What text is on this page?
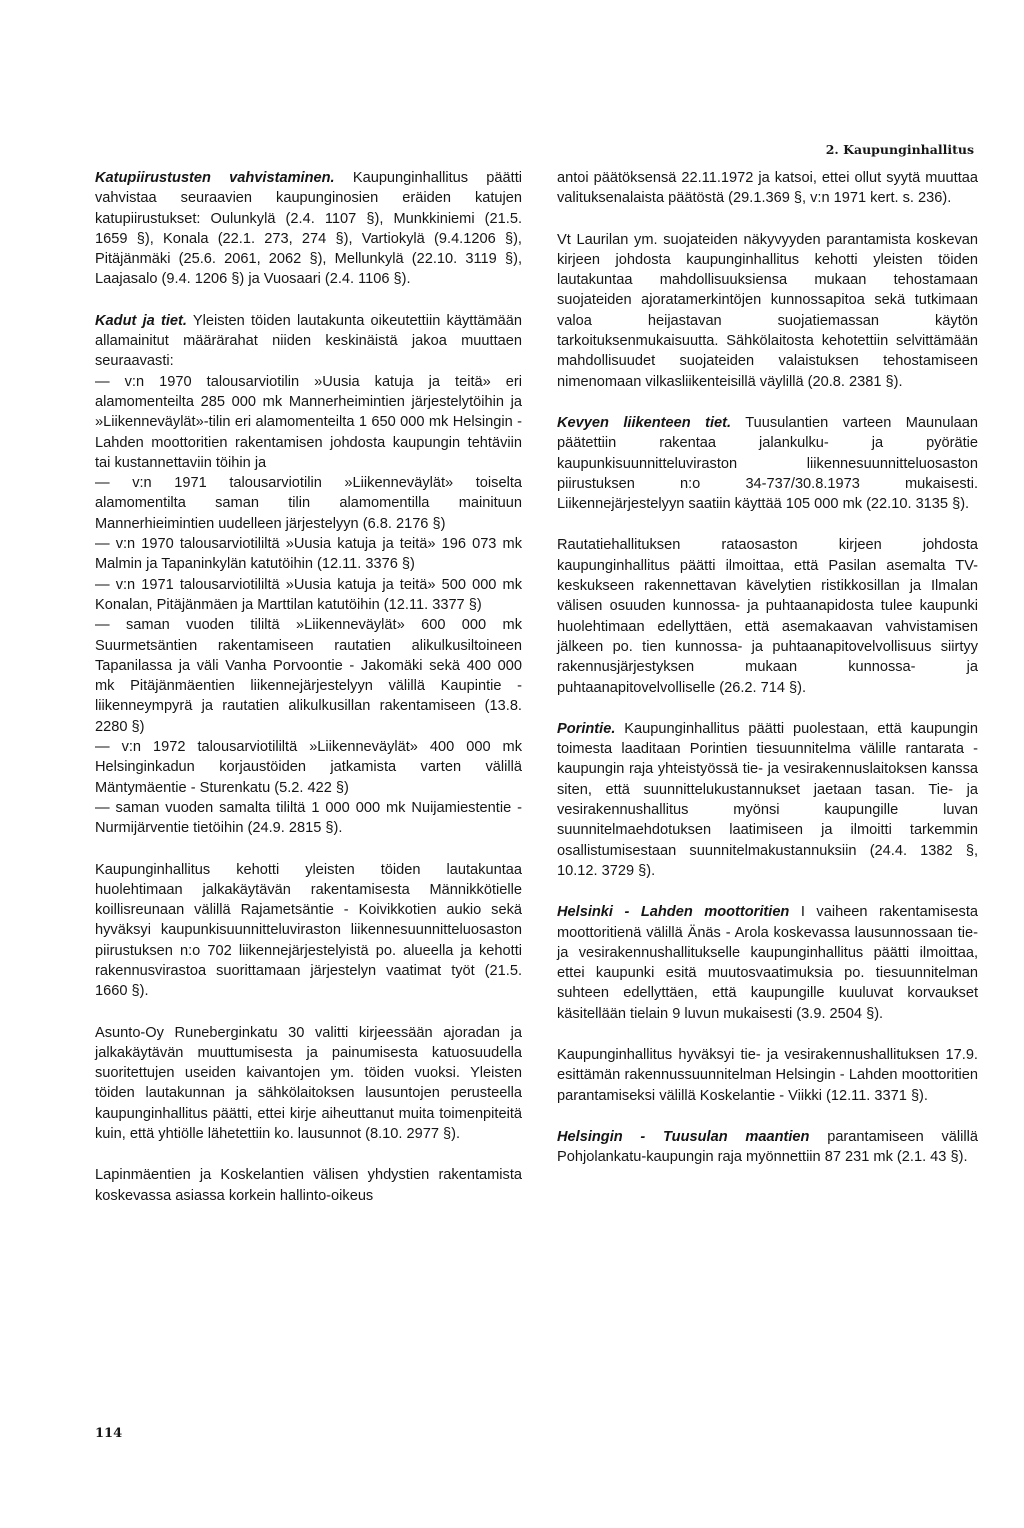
2. Kaupunginhallitus

Katupiirustusten vahvistaminen. Kaupunginhallitus päätti vahvistaa seuraavien kaupunginosien eräiden katujen katupiirustukset: Oulunkylä (2.4. 1107 §), Munkkiniemi (21.5. 1659 §), Konala (22.1. 273, 274 §), Vartiokylä (9.4.1206 §), Pitäjänmäki (25.6. 2061, 2062 §), Mellunkylä (22.10. 3119 §), Laajasalo (9.4. 1206 §) ja Vuosaari (2.4. 1106 §).

Kadut ja tiet. Yleisten töiden lautakunta oikeutettiin käyttämään allamainitut määrärahat niiden keskinäistä jakoa muuttaen seuraavasti:

— v:n 1970 talousarviotilin »Uusia katuja ja teitä» eri alamomenteilta 285 000 mk Mannerheimintien järjestelytöihin ja »Liikenneväylät»-tilin eri alamomenteilta 1 650 000 mk Helsingin - Lahden moottoritien rakentamisen johdosta kaupungin tehtäviin tai kustannettaviin töihin ja

— v:n 1971 talousarviotilin »Liikenneväylät» toiselta alamomentilta saman tilin alamomentilla mainituun Mannerhieimintien uudelleen järjestelyyn (6.8. 2176 §)

— v:n 1970 talousarviotililtä »Uusia katuja ja teitä» 196 073 mk Malmin ja Tapaninkylän katutöihin (12.11. 3376 §)

— v:n 1971 talousarviotililtä »Uusia katuja ja teitä» 500 000 mk Konalan, Pitäjänmäen ja Marttilan katutöihin (12.11. 3377 §)

— saman vuoden tililtä »Liikenneväylät» 600 000 mk Suurmetsäntien rakentamiseen rautatien alikulkusiltoineen Tapanilassa ja väli Vanha Porvoontie - Jakomäki sekä 400 000 mk Pitäjänmäentien liikennejärjestelyyn välillä Kaupintie - liikenneympyrä ja rautatien alikulkusillan rakentamiseen (13.8. 2280 §)

— v:n 1972 talousarviotililtä »Liikenneväylät» 400 000 mk Helsinginkadun korjaustöiden jatkamista varten välillä Mäntymäentie - Sturenkatu (5.2. 422 §)

— saman vuoden samalta tililtä 1 000 000 mk Nuijamiestentie - Nurmijärventie tietöihin (24.9. 2815 §).

Kaupunginhallitus kehotti yleisten töiden lautakuntaa huolehtimaan jalkakäytävän rakentamisesta Männikkötielle koillisreunaan välillä Rajametsäntie - Koivikkotien aukio sekä hyväksyi kaupunkisuunnitteluviraston liikennesuunnitteluosaston piirustuksen n:o 702 liikennejärjestelyistä po. alueella ja kehotti rakennusvirastoa suorittamaan järjestelyn vaatimat työt (21.5. 1660 §).

Asunto-Oy Runeberginkatu 30 valitti kirjeessään ajoradan ja jalkakäytävän muuttumisesta ja painumisesta katuosuudella suoritettujen useiden kaivantojen ym. töiden vuoksi. Yleisten töiden lautakunnan ja sähkölaitoksen lausuntojen perusteella kaupunginhallitus päätti, ettei kirje aiheuttanut muita toimenpiteitä kuin, että yhtiölle lähetettiin ko. lausunnot (8.10. 2977 §).

Lapinmäentien ja Koskelantien välisen yhdystien rakentamista koskevassa asiassa korkein hallinto-oikeus

antoi päätöksensä 22.11.1972 ja katsoi, ettei ollut syytä muuttaa valituksenalaista päätöstä (29.1.369 §, v:n 1971 kert. s. 236).

Vt Laurilan ym. suojateiden näkyvyyden parantamista koskevan kirjeen johdosta kaupunginhallitus kehotti yleisten töiden lautakuntaa mahdollisuuksiensa mukaan tehostamaan suojateiden ajoratamerkintöjen kunnossapitoa sekä tutkimaan valoa heijastavan suojatiemassan käytön tarkoituksenmukaisuutta. Sähkölaitosta kehotettiin selvittämään mahdollisuudet suojateiden valaistuksen tehostamiseen nimenomaan vilkasliikenteisillä väylillä (20.8. 2381 §).

Kevyen liikenteen tiet. Tuusulantien varteen Maunulaan päätettiin rakentaa jalankulku- ja pyörätie kaupunkisuunnitteluviraston liikennesuunnitteluosaston piirustuksen n:o 34-737/30.8.1973 mukaisesti. Liikennejärjestelyyn saatiin käyttää 105 000 mk (22.10. 3135 §).

Rautatiehallituksen rataosaston kirjeen johdosta kaupunginhallitus päätti ilmoittaa, että Pasilan asemalta TV-keskukseen rakennettavan kävelytien ristikkosillan ja Ilmalan välisen osuuden kunnossa- ja puhtaanapidosta tulee kaupunki huolehtimaan edellyttäen, että asemakaavan vahvistamisen jälkeen po. tien kunnossa- ja puhtaanapitovelvollisuus siirtyy rakennusjärjestyksen mukaan kunnossa- ja puhtaanapitovelvolliselle (26.2. 714 §).

Porintie. Kaupunginhallitus päätti puolestaan, että kaupungin toimesta laaditaan Porintien tiesuunnitelma välille rantarata - kaupungin raja yhteistyössä tie- ja vesirakennuslaitoksen kanssa siten, että suunnittelukustannukset jaetaan tasan. Tie- ja vesirakennushallitus myönsi kaupungille luvan suunnitelmaehdotuksen laatimiseen ja ilmoitti tarkemmin osallistumisestaan suunnitelmakustannuksiin (24.4. 1382 §, 10.12. 3729 §).

Helsinki - Lahden moottoritien I vaiheen rakentamisesta moottoritienä välillä Änäs - Arola koskevassa lausunnossaan tie- ja vesirakennushallitukselle kaupunginhallitus päätti ilmoittaa, ettei kaupunki esitä muutosvaatimuksia po. tiesuunnitelman suhteen edellyttäen, että kaupungille kuuluvat korvaukset käsitellään tielain 9 luvun mukaisesti (3.9. 2504 §).

Kaupunginhallitus hyväksyi tie- ja vesirakennushallituksen 17.9. esittämän rakennussuunnitelman Helsingin - Lahden moottoritien parantamiseksi välillä Koskelantie - Viikki (12.11. 3371 §).

Helsingin - Tuusulan maantien parantamiseen välillä Pohjolankatu-kaupungin raja myönnettiin 87 231 mk (2.1. 43 §).

114
